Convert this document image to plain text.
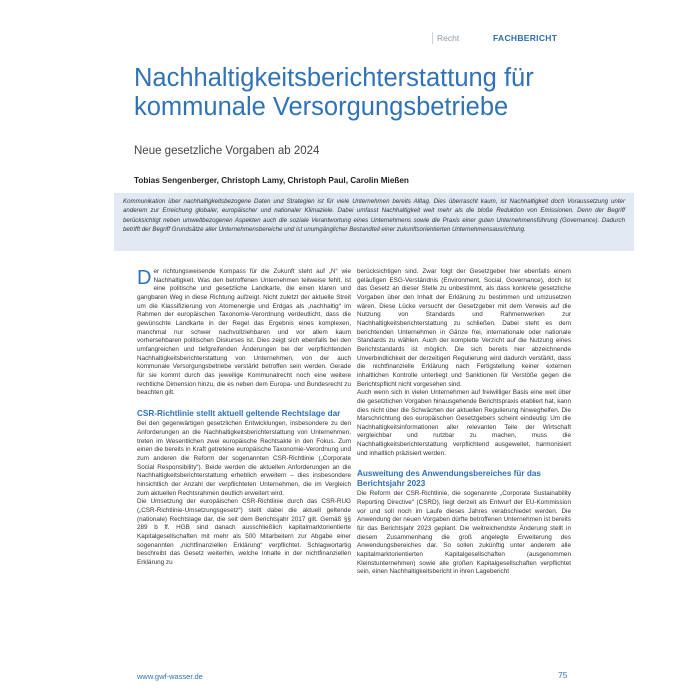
Recht	FACHBERICHT
Nachhaltigkeitsberichterstattung für kommunale Versorgungsbetriebe
Neue gesetzliche Vorgaben ab 2024
Tobias Sengenberger, Christoph Lamy, Christoph Paul, Carolin Mießen

Kommunikation über nachhaltigkeitsbezogene Daten und Strategien ist für viele Unternehmen bereits Alltag. Dies überrascht kaum, ist Nachhaltigkeit doch Voraussetzung unter anderem zur Erreichung globaler, europäischer und nationaler Klimaziele. Dabei umfasst Nachhaltigkeit weit mehr als die bloße Reduktion von Emissionen. Denn der Begriff berücksichtigt neben umweltbezogenen Aspekten auch die soziale Verantwortung eines Unternehmens sowie die Praxis einer guten Unternehmensführung (Governance). Dadurch betrifft der Begriff Grundsätze aller Unternehmensbereiche und ist unumgänglicher Bestandteil einer zukunftsorientierten Unternehmensausrichtung.

Der richtungsweisende Kompass für die Zukunft steht auf „N“ wie Nachhaltigkeit. Was den betroffenen Unternehmen teilweise fehlt, ist eine politische und gesetzliche Landkarte, die einen klaren und gangbaren Weg in diese Richtung aufzeigt. Nicht zuletzt der aktuelle Streit um die Klassifizierung von Atomenergie und Erdgas als „nachhaltig“ im Rahmen der europäischen Taxonomie-Verordnung verdeutlicht, dass die gewünschte Landkarte in der Regel das Ergebnis eines komplexen, manchmal nur schwer nachvollziehbaren und vor allem kaum vorhersehbaren politischen Diskurses ist. Dies zeigt sich ebenfalls bei den umfangreichen und tiefgreifenden Änderungen bei der verpflichtenden Nachhaltigkeitsberichterstattung von Unternehmen, von der auch kommunale Versorgungsbetriebe verstärkt betroffen sein werden. Gerade für sie kommt durch das jeweilige Kommunalrecht noch eine weitere rechtliche Dimension hinzu, die es neben dem Europa- und Bundesrecht zu beachten gilt.

CSR-Richtlinie stellt aktuell geltende Rechtslage dar

Bei den gegenwärtigen gesetzlichen Entwicklungen, insbesondere zu den Anforderungen an die Nachhaltigkeitsberichterstattung von Unternehmen, treten im Wesentlichen zwei europäische Rechtsakte in den Fokus. Zum einen die bereits in Kraft getretene europäische Taxonomie-Verordnung und zum anderen die Reform der sogenannten CSR-Richtlinie („Corporate Social Responsibility“). Beide werden die aktuellen Anforderungen an die Nachhaltigkeitsberichterstattung erheblich erweitern – dies insbesondere hinsichtlich der Anzahl der verpflichteten Unternehmen, die im Vergleich zum aktuellen Rechtsrahmen deutlich erweitert wird.

Die Umsetzung der europäischen CSR-Richtlinie durch das CSR-RUG („CSR-Richtlinie-Umsetzungsgesetz“) stellt dabei die aktuell geltende (nationale) Rechtslage dar, die seit dem Berichtsjahr 2017 gilt. Gemäß §§ 289 b ff. HGB sind danach ausschließlich kapitalmarktorientierte Kapitalgesellschaften mit mehr als 500 Mitarbeitern zur Abgabe einer sogenannten „nichtfinanziellen Erklärung“ verpflichtet. Schlagwortartig beschreibt das Gesetz weiterhin, welche Inhalte in der nichtfinanziellen Erklärung zu

berücksichtigen sind. Zwar folgt der Gesetzgeber hier ebenfalls einem geläufigen ESG-Verständnis (Environment, Social, Governance), doch ist das Gesetz an dieser Stelle zu unbestimmt, als dass konkrete gesetzliche Vorgaben über den Inhalt der Erklärung zu bestimmen und umzusetzen wären. Diese Lücke versucht der Gesetzgeber mit dem Verweis auf die Nutzung von Standards und Rahmenwerken zur Nachhaltigkeitsberichterstattung zu schließen. Dabei steht es dem berichtenden Unternehmen in Gänze frei, internationale oder nationale Standards zu wählen. Auch der komplette Verzicht auf die Nutzung eines Berichtstandards ist möglich. Die sich bereits hier abzeichnende Unverbindlichkeit der derzeitigen Regulierung wird dadurch verstärkt, dass die nichtfinanzielle Erklärung nach Fertigstellung keiner externen inhaltlichen Kontrolle unterliegt und Sanktionen für Verstöße gegen die Berichtspflicht nicht vorgesehen sind.

Auch wenn sich in vielen Unternehmen auf freiwilliger Basis eine weit über die gesetzlichen Vorgaben hinausgehende Berichtspraxis etabliert hat, kann dies nicht über die Schwächen der aktuellen Regulierung hinweghelfen. Die Marschrichtung des europäischen Gesetzgebers scheint eindeutig: Um die Nachhaltigkeitsinformationen aller relevanten Teile der Wirtschaft vergleichbar und nutzbar zu machen, muss die Nachhaltigkeitsberichterstattung verpflichtend ausgeweitet, harmonisiert und inhaltlich präzisiert werden.

Ausweitung des Anwendungsbereiches für das Berichtsjahr 2023

Die Reform der CSR-Richtlinie, die sogenannte „Corporate Sustainability Reporting Directive“ (CSRD), liegt derzeit als Entwurf der EU-Kommission vor und soll noch im Laufe dieses Jahres verabschiedet werden. Die Anwendung der neuen Vorgaben dürfte betroffenen Unternehmen ist bereits für das Berichtsjahr 2023 geplant. Die weitreichendste Änderung stellt in diesem Zusammenhang die groß angelegte Erweiterung des Anwendungsbereiches dar. So sollen zukünftig unter anderem alle kapitalmarktorientierten Kapitalgesellschaften (ausgenommen Kleinstunternehmen) sowie alle großen Kapitalgesellschaften verpflichtet sein, einen Nachhaltigkeitsbericht in ihren Lagebericht

www.gwf-wasser.de	75
